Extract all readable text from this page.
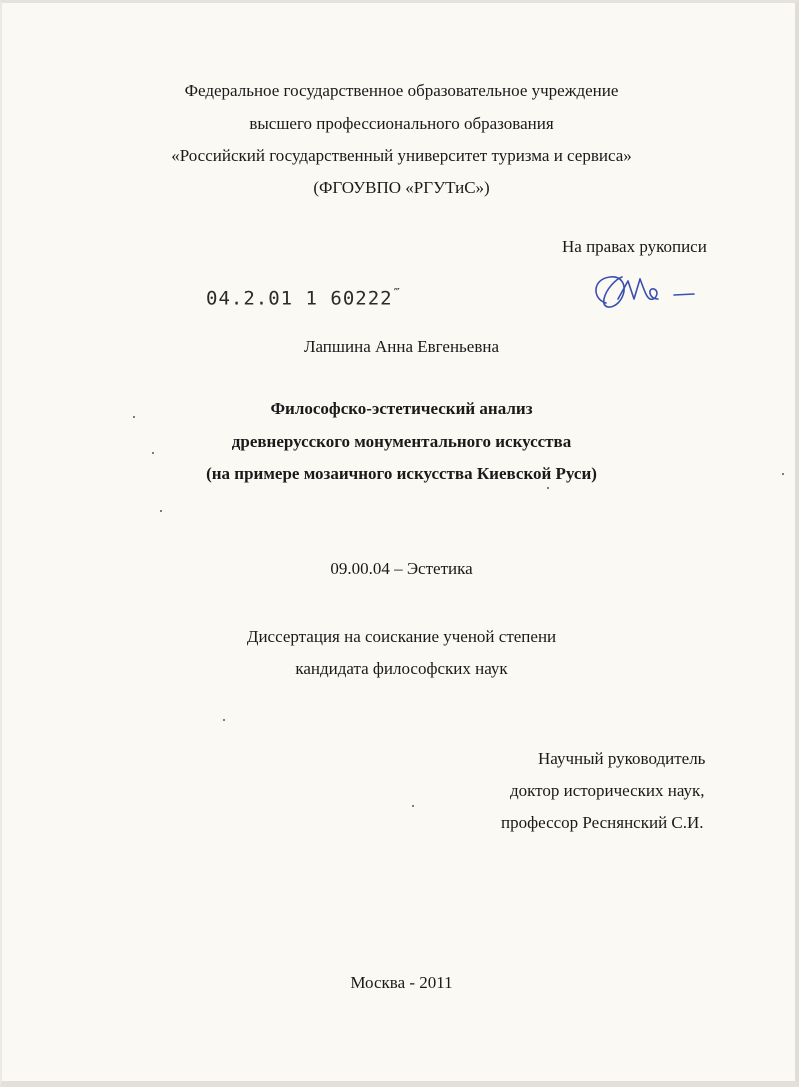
Федеральное государственное образовательное учреждение
высшего профессионального образования
«Российский государственный университет туризма и сервиса»
(ФГОУВПО «РГУТиС»)
На правах рукописи
04.2.01 1 60222‴
Лапшина Анна Евгеньевна
Философско-эстетический анализ
древнерусского монументального искусства
(на примере мозаичного искусства Киевской Руси)
09.00.04 – Эстетика
Диссертация на соискание ученой степени
кандидата философских наук
Научный руководитель
доктор исторических наук,
профессор Реснянский С.И.
Москва - 2011
